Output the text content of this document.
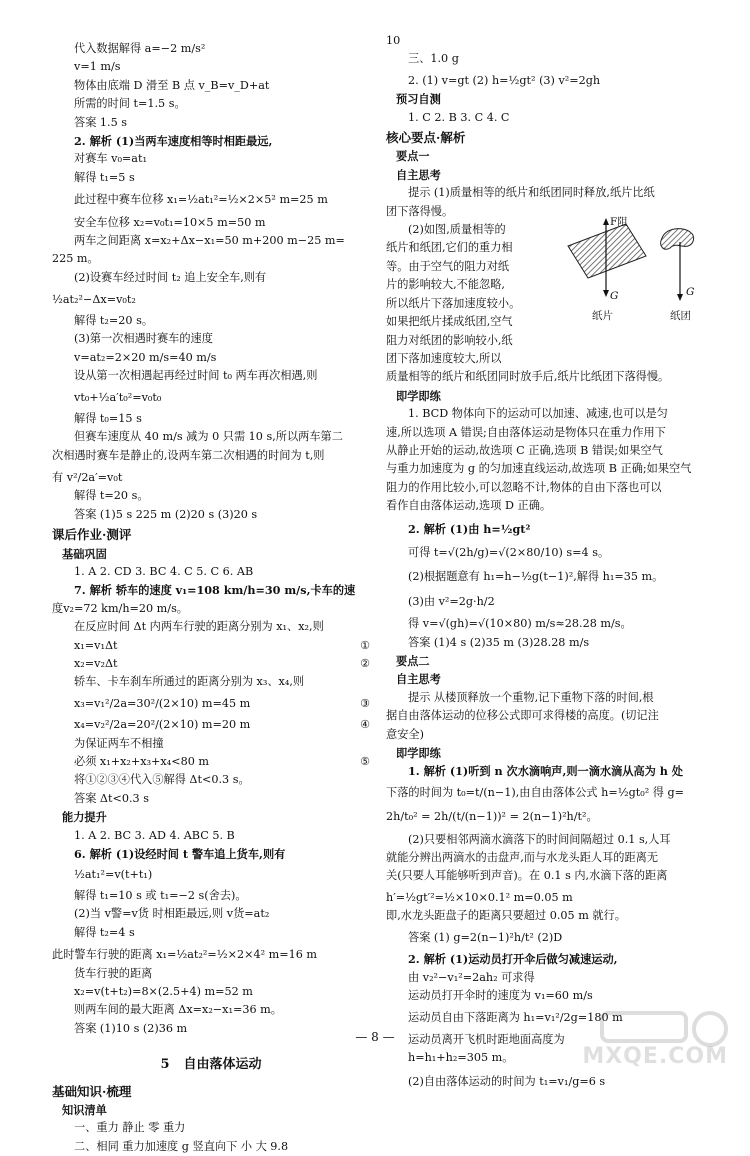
代入数据解得 a=−2 m/s²
v=1 m/s
物体由底端 D 滑至 B 点 v_B=v_D+at
所需的时间 t=1.5 s。
答案 1.5 s
2. 解析 (1)当两车速度相等时相距最远,
对赛车 v₀=at₁
解得 t₁=5 s
此过程中赛车位移 x₁=½at₁²=½×2×5² m=25 m
安全车位移 x₂=v₀t₁=10×5 m=50 m
两车之间距离 x=x₂+Δx−x₁=50 m+200 m−25 m=
225 m。
(2)设赛车经过时间 t₂ 追上安全车,则有
½at₂²−Δx=v₀t₂
解得 t₂=20 s。
(3)第一次相遇时赛车的速度
v=at₂=2×20 m/s=40 m/s
设从第一次相遇起再经过时间 t₀ 两车再次相遇,则
vt₀+½a′t₀²=v₀t₀
解得 t₀=15 s
但赛车速度从 40 m/s 减为 0 只需 10 s,所以两车第二
次相遇时赛车是静止的,设两车第二次相遇的时间为 t,则
有 v²/2a′=v₀t
解得 t=20 s。
答案 (1)5 s 225 m (2)20 s (3)20 s
课后作业·测评
基础巩固
1. A 2. CD 3. BC 4. C 5. C 6. AB
7. 解析 轿车的速度 v₁=108 km/h=30 m/s,卡车的速
度v₂=72 km/h=20 m/s。
在反应时间 Δt 内两车行驶的距离分别为 x₁、x₂,则
x₁=v₁Δt	①
x₂=v₂Δt	②
轿车、卡车刹车所通过的距离分别为 x₃、x₄,则
x₃=v₁²/2a=30²/(2×10) m=45 m	③
x₄=v₂²/2a=20²/(2×10) m=20 m	④
为保证两车不相撞
必须 x₁+x₂+x₃+x₄<80 m	⑤
将①②③④代入⑤解得 Δt<0.3 s。
答案 Δt<0.3 s
能力提升
1. A 2. BC 3. AD 4. ABC 5. B
6. 解析 (1)设经时间 t 警车追上货车,则有
½at₁²=v(t+t₁)
解得 t₁=10 s 或 t₁=−2 s(舍去)。
(2)当 v警=v货 时相距最远,则 v货=at₂
解得 t₂=4 s
此时警车行驶的距离 x₁=½at₂²=½×2×4² m=16 m
货车行驶的距离
x₂=v(t+t₂)=8×(2.5+4) m=52 m
则两车间的最大距离 Δx=x₂−x₁=36 m。
答案 (1)10 s (2)36 m
5 自由落体运动
基础知识·梳理
知识清单
一、重力 静止 零 重力
二、相同 重力加速度 g 竖直向下 小 大 9.8
10
三、1.0 g
2. (1) v=gt (2) h=½gt² (3) v²=2gh
预习自测
1. C 2. B 3. C 4. C
核心要点·解析
要点一
自主思考
提示 (1)质量相等的纸片和纸团同时释放,纸片比纸
团下落得慢。
(2)如图,质量相等的
纸片和纸团,它们的重力相
等。由于空气的阻力对纸
片的影响较大,不能忽略,
所以纸片下落加速度较小。
如果把纸片揉成纸团,空气
阻力对纸团的影响较小,纸
团下落加速度较大,所以
质量相等的纸片和纸团同时放手后,纸片比纸团下落得慢。
即学即练
1. BCD 物体向下的运动可以加速、减速,也可以是匀
速,所以选项 A 错误;自由落体运动是物体只在重力作用下
从静止开始的运动,故选项 C 正确,选项 B 错误;如果空气
与重力加速度为 g 的匀加速直线运动,故选项 B 正确;如果空气
阻力的作用比较小,可以忽略不计,物体的自由下落也可以
看作自由落体运动,选项 D 正确。
2. 解析 (1)由 h=½gt²
可得 t=√(2h/g)=√(2×80/10) s=4 s。
(2)根据题意有 h₁=h−½g(t−1)²,解得 h₁=35 m。
(3)由 v²=2g·h/2
得 v=√(gh)=√(10×80) m/s≈28.28 m/s。
答案 (1)4 s (2)35 m (3)28.28 m/s
要点二
自主思考
提示 从楼顶释放一个重物,记下重物下落的时间,根
据自由落体运动的位移公式即可求得楼的高度。(切记注
意安全)
即学即练
1. 解析 (1)听到 n 次水滴响声,则一滴水滴从高为 h 处
下落的时间为 t₀=t/(n−1),由自由落体公式 h=½gt₀² 得 g=
2h/t₀² = 2h/(t/(n−1))² = 2(n−1)²h/t²。
(2)只要相邻两滴水滴落下的时间间隔超过 0.1 s,人耳
就能分辨出两滴水的击盘声,而与水龙头距人耳的距离无
关(只要人耳能够听到声音)。在 0.1 s 内,水滴下落的距离
h′=½gt′²=½×10×0.1² m=0.05 m
即,水龙头距盘子的距离只要超过 0.05 m 就行。
答案 (1) g=2(n−1)²h/t² (2)D
2. 解析 (1)运动员打开伞后做匀减速运动,
由 v₂²−v₁²=2ah₂ 可求得
运动员打开伞时的速度为 v₁=60 m/s
运动员自由下落距离为 h₁=v₁²/2g=180 m
运动员离开飞机时距地面高度为
h=h₁+h₂=305 m。
(2)自由落体运动的时间为 t₁=v₁/g=6 s
F阻
G	G
纸片	纸团
— 8 —
MXQE.COM
